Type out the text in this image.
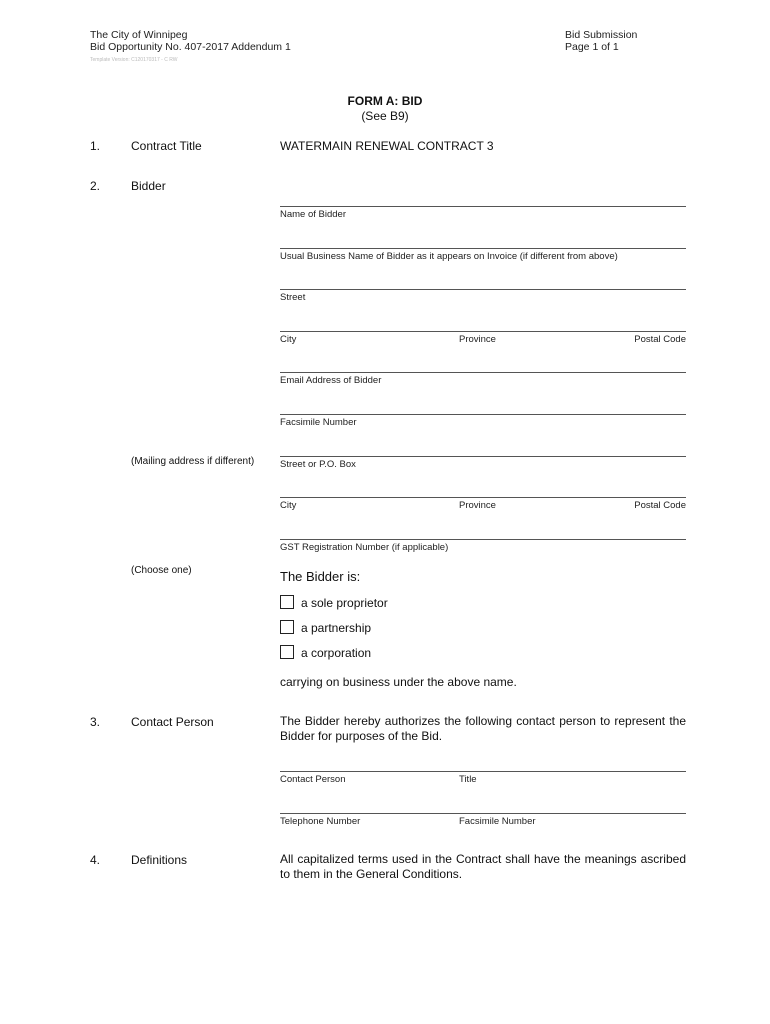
The City of Winnipeg
Bid Opportunity No. 407-2017 Addendum 1
Template Version: C120170317 - C RW
Bid Submission
Page 1 of 1
FORM A: BID
(See B9)
1.	Contract Title	WATERMAIN RENEWAL CONTRACT 3
2.	Bidder
Name of Bidder
Usual Business Name of Bidder as it appears on Invoice (if different from above)
Street
City	Province	Postal Code
Email Address of Bidder
Facsimile Number
(Mailing address if different)	Street or P.O. Box
City	Province	Postal Code
GST Registration Number (if applicable)
(Choose one)	The Bidder is:
a sole proprietor
a partnership
a corporation
carrying on business under the above name.
3.	Contact Person	The Bidder hereby authorizes the following contact person to represent the Bidder for purposes of the Bid.
Contact Person	Title
Telephone Number	Facsimile Number
4.	Definitions	All capitalized terms used in the Contract shall have the meanings ascribed to them in the General Conditions.
